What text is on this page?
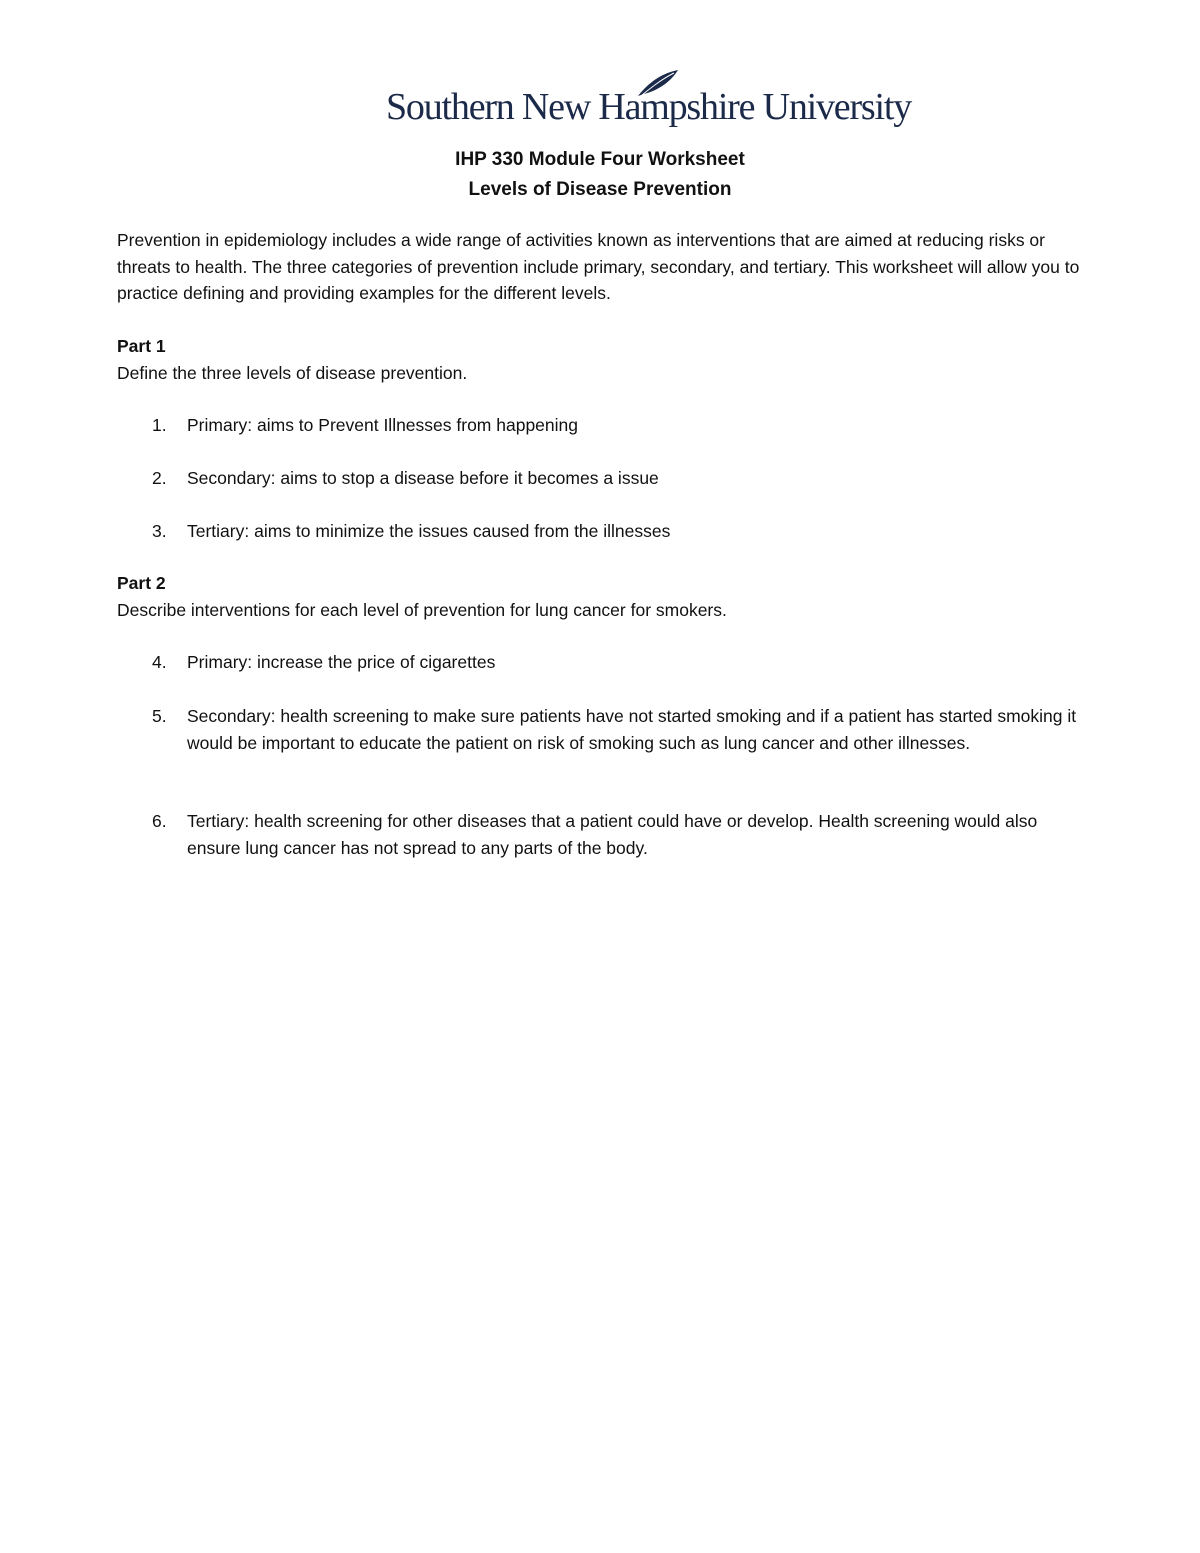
Southern New Hampshire University
IHP 330 Module Four Worksheet
Levels of Disease Prevention
Prevention in epidemiology includes a wide range of activities known as interventions that are aimed at reducing risks or threats to health. The three categories of prevention include primary, secondary, and tertiary. This worksheet will allow you to practice defining and providing examples for the different levels.
Part 1
Define the three levels of disease prevention.
1. Primary: aims to Prevent Illnesses from happening
2. Secondary: aims to stop a disease before it becomes a issue
3. Tertiary: aims to minimize the issues caused from the illnesses
Part 2
Describe interventions for each level of prevention for lung cancer for smokers.
4. Primary: increase the price of cigarettes
5. Secondary: health screening to make sure patients have not started smoking and if a patient has started smoking it would be important to educate the patient on risk of smoking such as lung cancer and other illnesses.
6. Tertiary: health screening for other diseases that a patient could have or develop. Health screening would also ensure lung cancer has not spread to any parts of the body.
